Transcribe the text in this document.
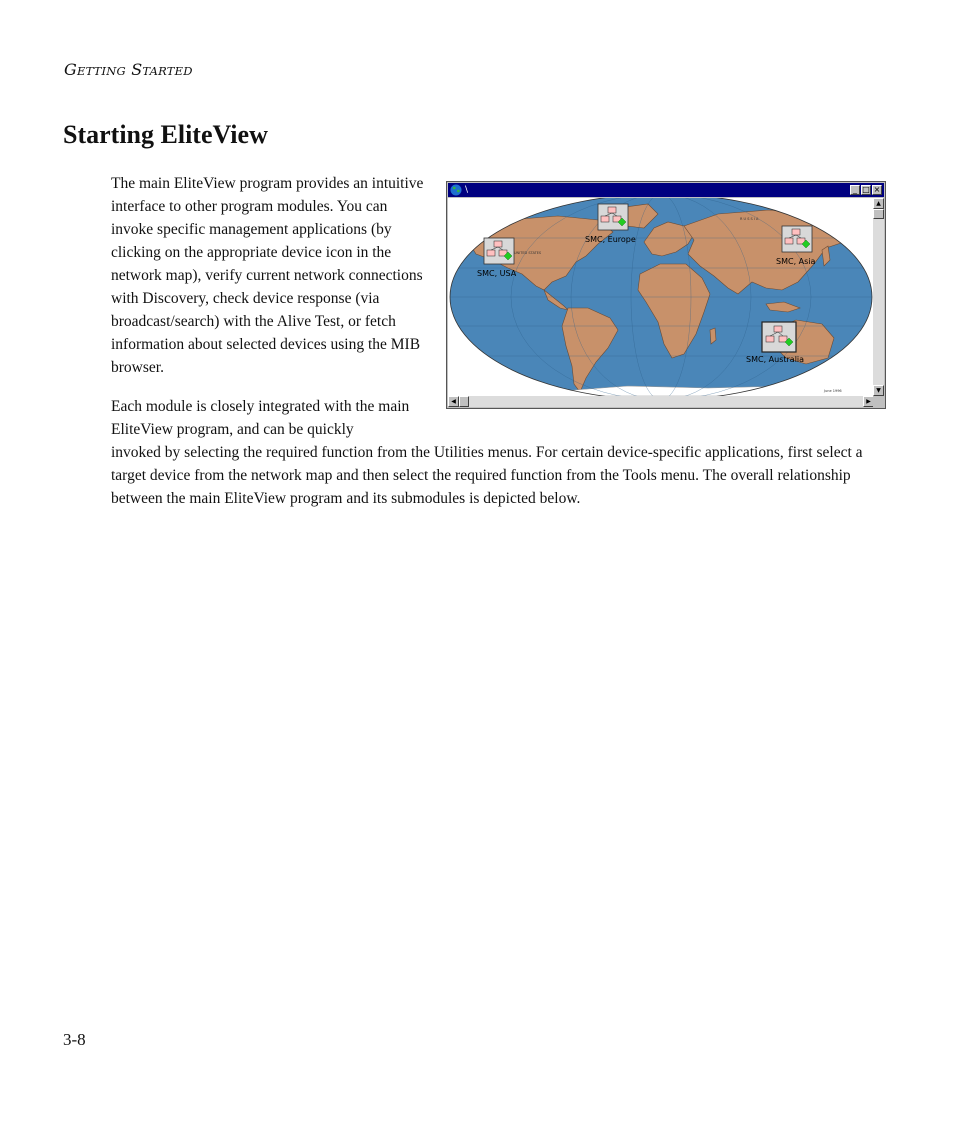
GETTING STARTED
Starting EliteView

The main EliteView program provides an intuitive interface to other program modules. You can invoke specific management applications (by clicking on the appropriate device icon in the network map), verify current network connections with Discovery, check device response (via broadcast/search) with the Alive Test, or fetch information about selected devices using the MIB browser.

Each module is closely integrated with the main EliteView program, and can be quickly

invoked by selecting the required function from the Utilities menus. For certain device-specific applications, first select a target device from the network map and then select the required function from the Tools menu. The overall relationship between the main EliteView program and its submodules is depicted below.

\	_ □ ×
R U S S I A
UNITED STATES
June 1996
SMC, USA
SMC, Europe
SMC, Asia
SMC, Australia
▲
▼
◀	▶
3-8
